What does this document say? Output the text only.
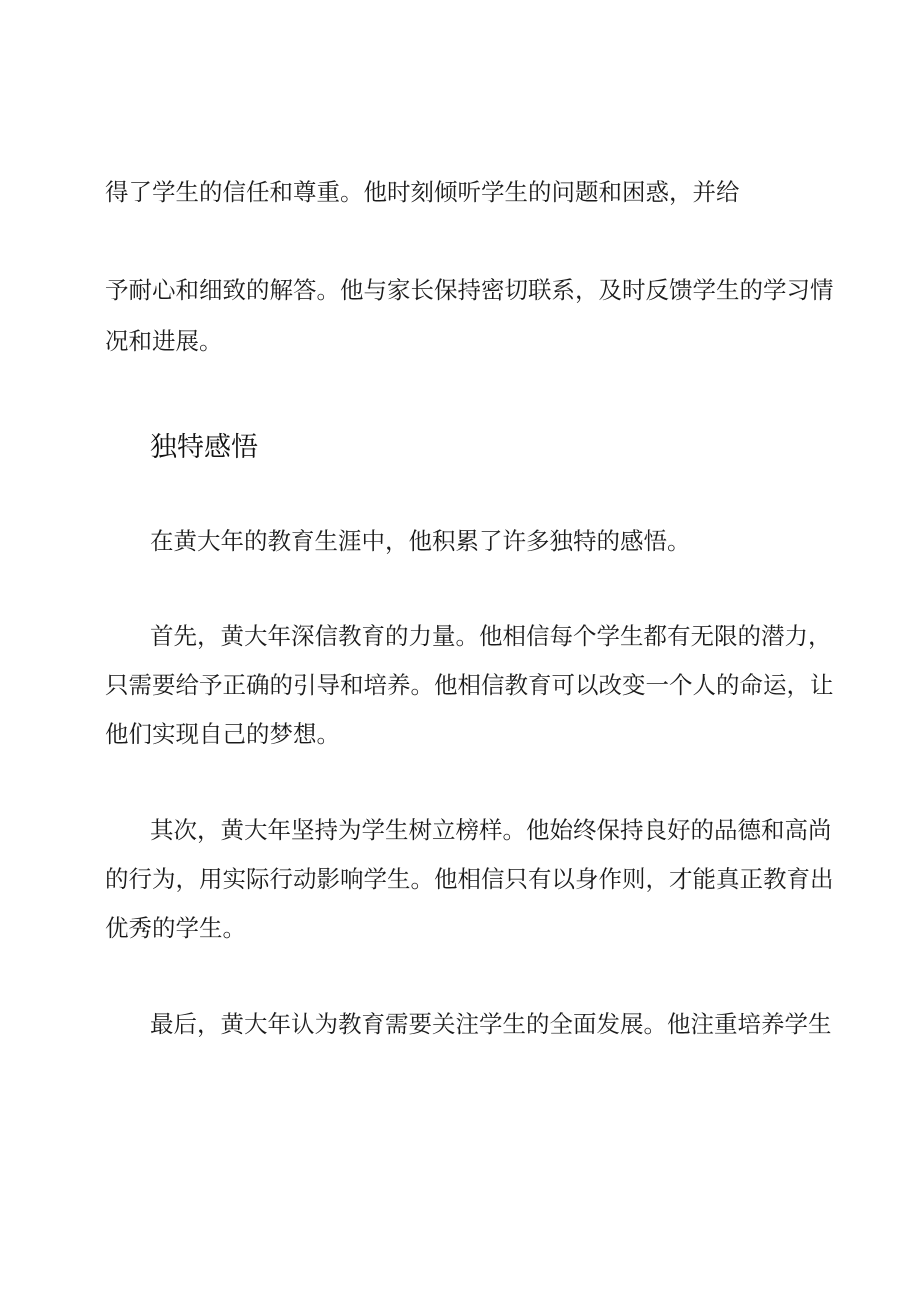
得了学生的信任和尊重。他时刻倾听学生的问题和困惑，并给

予耐心和细致的解答。他与家长保持密切联系，及时反馈学生的学习情

况和进展。

独特感悟

在黄大年的教育生涯中，他积累了许多独特的感悟。

首先，黄大年深信教育的力量。他相信每个学生都有无限的潜力，

只需要给予正确的引导和培养。他相信教育可以改变一个人的命运，让

他们实现自己的梦想。

其次，黄大年坚持为学生树立榜样。他始终保持良好的品德和高尚

的行为，用实际行动影响学生。他相信只有以身作则，才能真正教育出

优秀的学生。

最后，黄大年认为教育需要关注学生的全面发展。他注重培养学生
